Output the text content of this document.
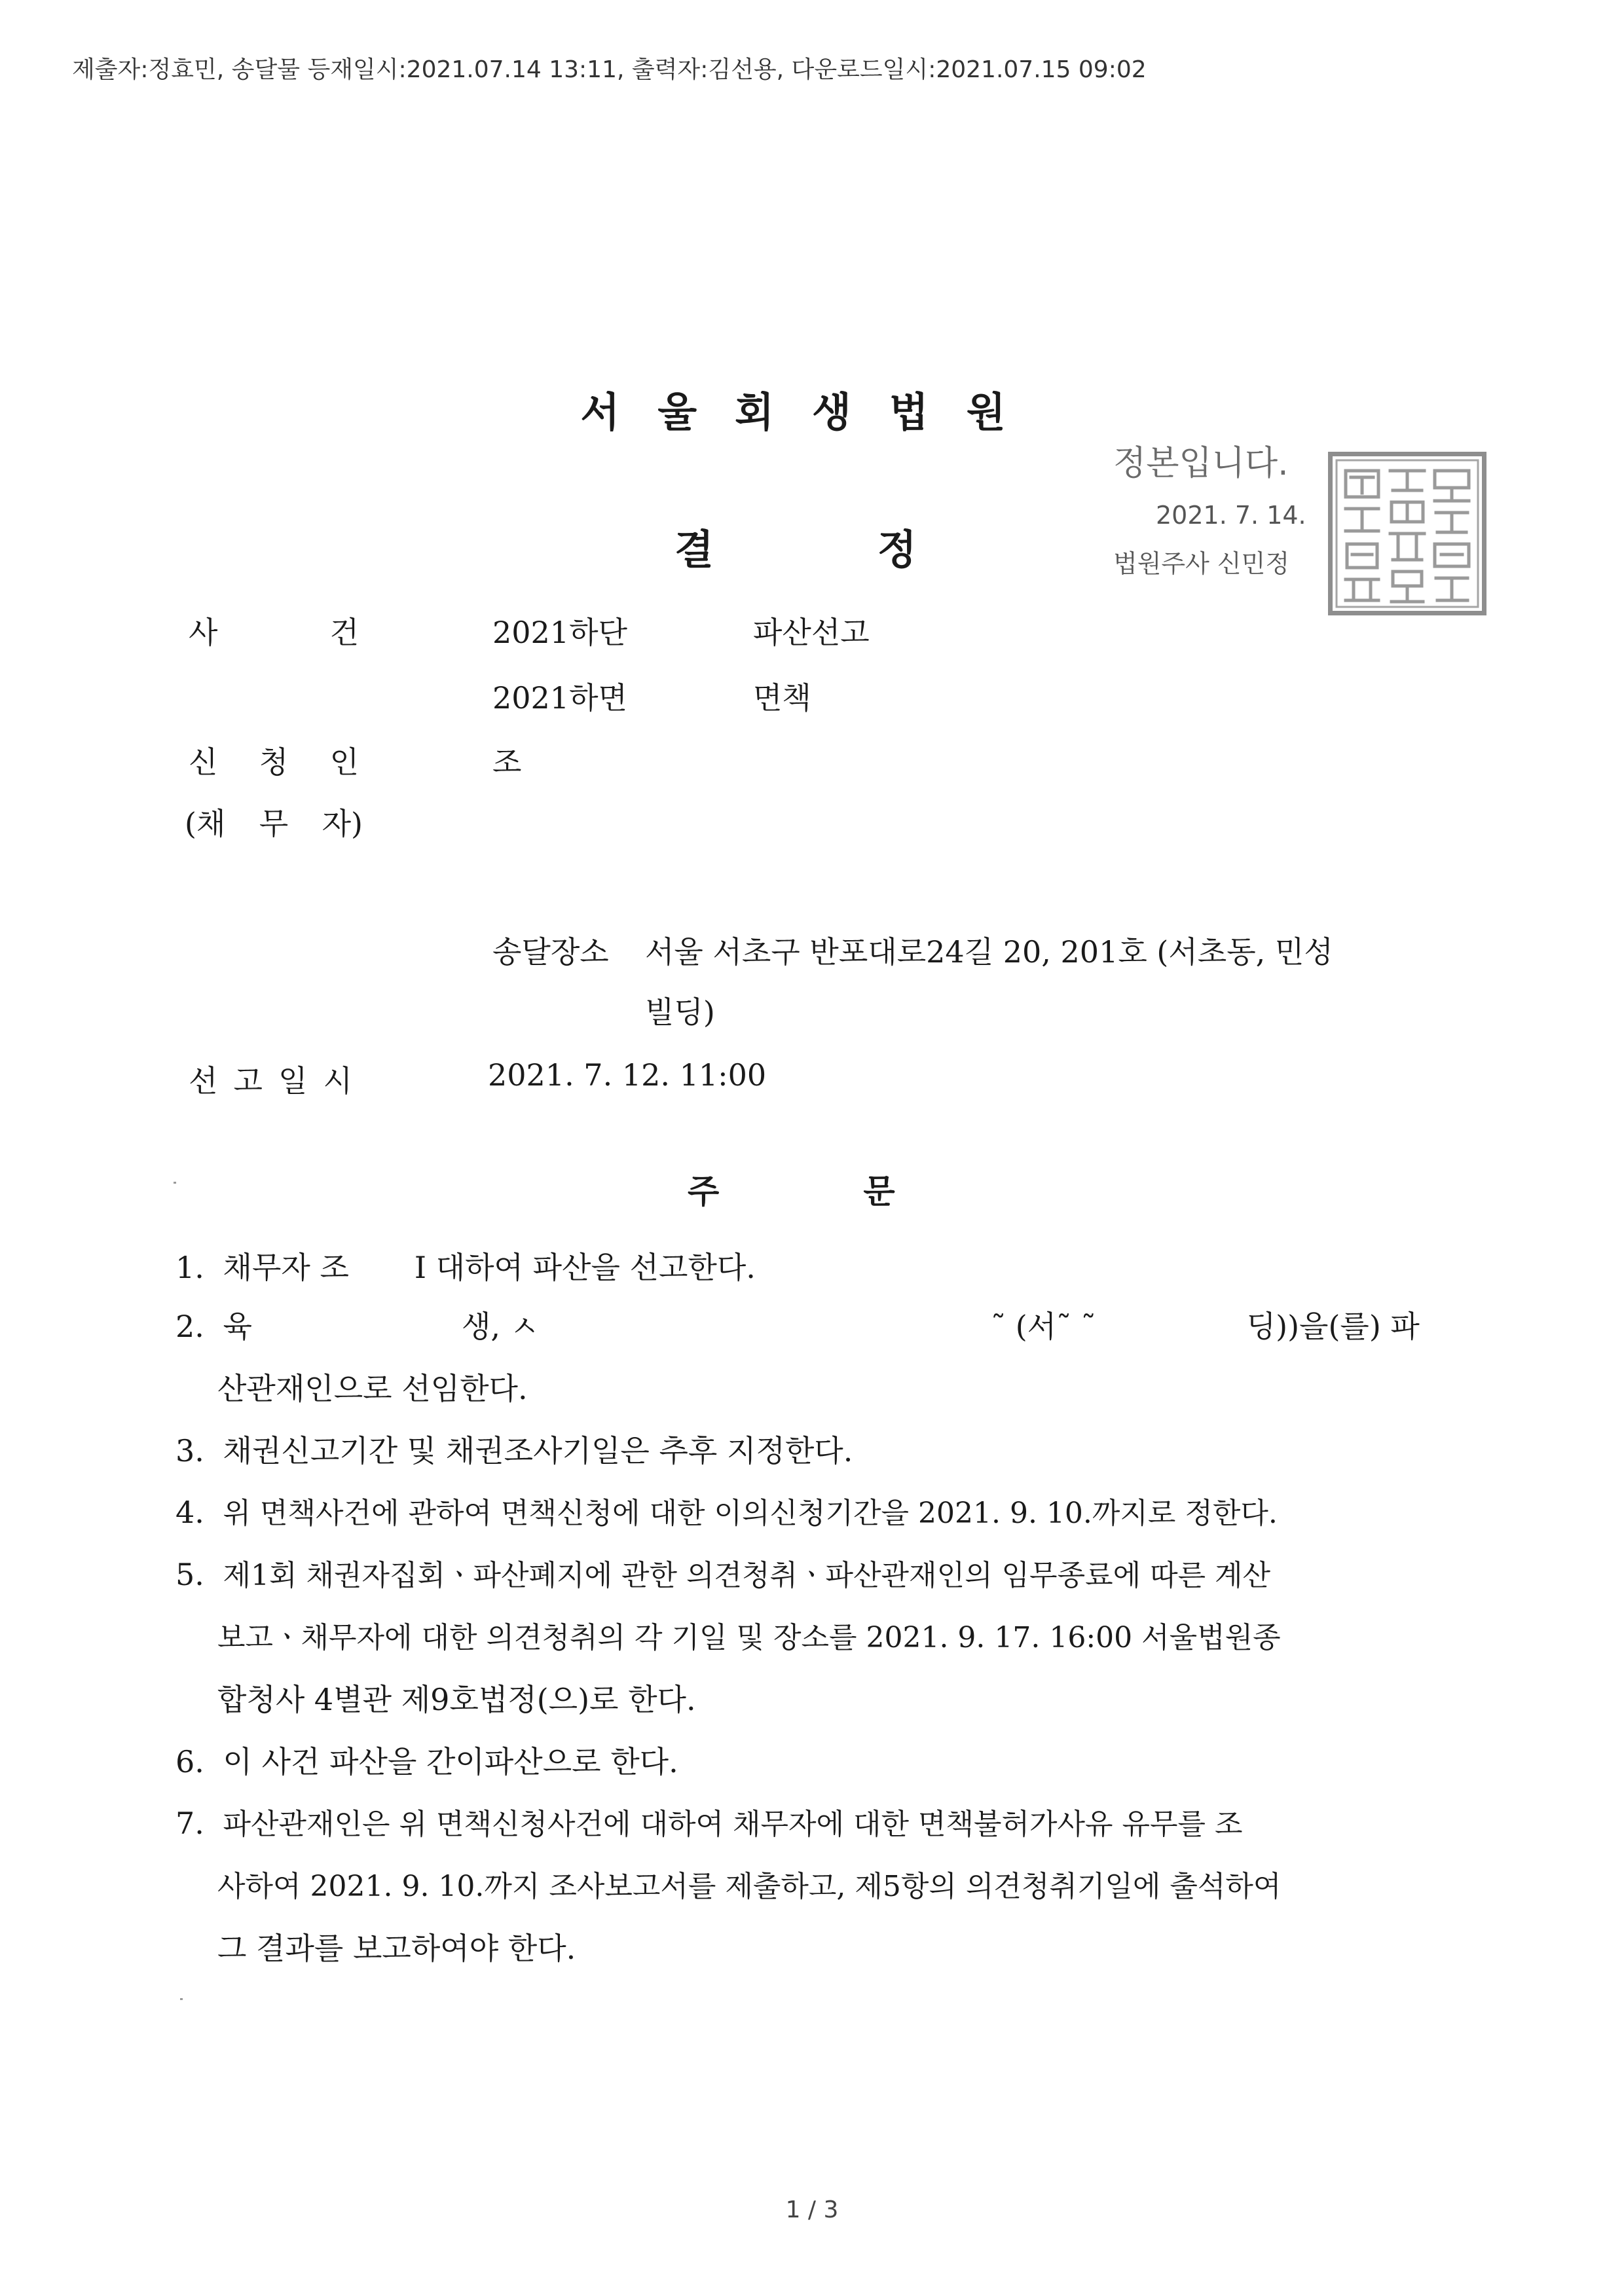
제출자:정효민, 송달물 등재일시:2021.07.14 13:11, 출력자:김선용, 다운로드일시:2021.07.15 09:02
서울회생법원
정본입니다.
2021. 7. 14.
법원주사 신민정
결	정
사	건	2021하단	파산선고
2021하면	면책
신 청 인	조
(채 무 자)
송달장소 서울 서초구 반포대로24길 20, 201호 (서초동, 민성
빌딩)
선 고 일 시	2021. 7. 12. 11:00
주	문
1. 채무자 조 I 대하여 파산을 선고한다.
2. 육	생, ㅅ	˜ (서˜ ˜	딩))을(를) 파
산관재인으로 선임한다.
3. 채권신고기간 및 채권조사기일은 추후 지정한다.
4. 위 면책사건에 관하여 면책신청에 대한 이의신청기간을 2021. 9. 10.까지로 정한다.
5. 제1회 채권자집회ㆍ파산폐지에 관한 의견청취ㆍ파산관재인의 임무종료에 따른 계산
보고ㆍ채무자에 대한 의견청취의 각 기일 및 장소를 2021. 9. 17. 16:00 서울법원종
합청사 4별관 제9호법정(으)로 한다.
6. 이 사건 파산을 간이파산으로 한다.
7. 파산관재인은 위 면책신청사건에 대하여 채무자에 대한 면책불허가사유 유무를 조
사하여 2021. 9. 10.까지 조사보고서를 제출하고, 제5항의 의견청취기일에 출석하여
그 결과를 보고하여야 한다.
1 / 3
